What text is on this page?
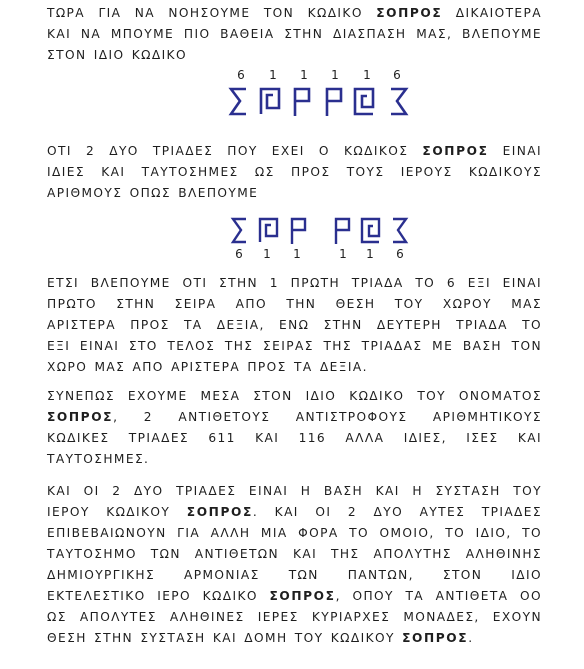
ΤΩΡΑ ΓΙΑ ΝΑ ΝΟΗΣΟΥΜΕ ΤΟΝ ΚΩΔΙΚΟ ΣΟΠΡΟΣ ΔΙΚΑΙΟΤΕΡΑ
ΚΑΙ ΝΑ ΜΠΟΥΜΕ ΠΙΟ ΒΑΘΕΙΑ ΣΤΗΝ ΔΙΑΣΠΑΣΗ ΜΑΣ, ΒΛΕΠΟΥΜΕ
ΣΤΟΝ ΙΔΙΟ ΚΩΔΙΚΟ
6	1	1	1	1	6
ΟΤΙ 2 ΔΥΟ ΤΡΙΑΔΕΣ ΠΟΥ ΕΧΕΙ Ο ΚΩΔΙΚΟΣ ΣΟΠΡΟΣ ΕΙΝΑΙ
ΙΔΙΕΣ ΚΑΙ ΤΑΥΤΟΣΗΜΕΣ ΩΣ ΠΡΟΣ ΤΟΥΣ ΙΕΡΟΥΣ ΚΩΔΙΚΟΥΣ
ΑΡΙΘΜΟΥΣ ΟΠΩΣ ΒΛΕΠΟΥΜΕ
6	1	1	1	1	6
ΕΤΣΙ ΒΛΕΠΟΥΜΕ ΟΤΙ ΣΤΗΝ 1 ΠΡΩΤΗ ΤΡΙΑΔΑ ΤΟ 6 ΕΞΙ ΕΙΝΑΙ
ΠΡΩΤΟ ΣΤΗΝ ΣΕΙΡΑ ΑΠΟ ΤΗΝ ΘΕΣΗ ΤΟΥ ΧΩΡΟΥ ΜΑΣ
ΑΡΙΣΤΕΡΑ ΠΡΟΣ ΤΑ ΔΕΞΙΑ, ΕΝΩ ΣΤΗΝ ΔΕΥΤΕΡΗ ΤΡΙΑΔΑ ΤΟ
ΕΞΙ ΕΙΝΑΙ ΣΤΟ ΤΕΛΟΣ ΤΗΣ ΣΕΙΡΑΣ ΤΗΣ ΤΡΙΑΔΑΣ ΜΕ ΒΑΣΗ ΤΟΝ
ΧΩΡΟ ΜΑΣ ΑΠΟ ΑΡΙΣΤΕΡΑ ΠΡΟΣ ΤΑ ΔΕΞΙΑ.
ΣΥΝΕΠΩΣ ΕΧΟΥΜΕ ΜΕΣΑ ΣΤΟΝ ΙΔΙΟ ΚΩΔΙΚΟ ΤΟΥ ΟΝΟΜΑΤΟΣ
ΣΟΠΡΟΣ, 2 ΑΝΤΙΘΕΤΟΥΣ ΑΝΤΙΣΤΡΟΦΟΥΣ ΑΡΙΘΜΗΤΙΚΟΥΣ
ΚΩΔΙΚΕΣ ΤΡΙΑΔΕΣ 611 ΚΑΙ 116 ΑΛΛΑ ΙΔΙΕΣ, ΙΣΕΣ ΚΑΙ
ΤΑΥΤΟΣΗΜΕΣ.
ΚΑΙ ΟΙ 2 ΔΥΟ ΤΡΙΑΔΕΣ ΕΙΝΑΙ Η ΒΑΣΗ ΚΑΙ Η ΣΥΣΤΑΣΗ ΤΟΥ
ΙΕΡΟΥ ΚΩΔΙΚΟΥ ΣΟΠΡΟΣ. ΚΑΙ ΟΙ 2 ΔΥΟ ΑΥΤΕΣ ΤΡΙΑΔΕΣ
ΕΠΙΒΕΒΑΙΩΝΟΥΝ ΓΙΑ ΑΛΛΗ ΜΙΑ ΦΟΡΑ ΤΟ ΟΜΟΙΟ, ΤΟ ΙΔΙΟ, ΤΟ
ΤΑΥΤΟΣΗΜΟ ΤΩΝ ΑΝΤΙΘΕΤΩΝ ΚΑΙ ΤΗΣ ΑΠΟΛΥΤΗΣ ΑΛΗΘΙΝΗΣ
ΔΗΜΙΟΥΡΓΙΚΗΣ ΑΡΜΟΝΙΑΣ ΤΩΝ ΠΑΝΤΩΝ, ΣΤΟΝ ΙΔΙΟ
ΕΚΤΕΛΕΣΤΙΚΟ ΙΕΡΟ ΚΩΔΙΚΟ ΣΟΠΡΟΣ, ΟΠΟΥ ΤΑ ΑΝΤΙΘΕΤΑ ΟΟ
ΩΣ ΑΠΟΛΥΤΕΣ ΑΛΗΘΙΝΕΣ ΙΕΡΕΣ ΚΥΡΙΑΡΧΕΣ ΜΟΝΑΔΕΣ, ΕΧΟΥΝ
ΘΕΣΗ ΣΤΗΝ ΣΥΣΤΑΣΗ ΚΑΙ ΔΟΜΗ ΤΟΥ ΚΩΔΙΚΟΥ ΣΟΠΡΟΣ.
